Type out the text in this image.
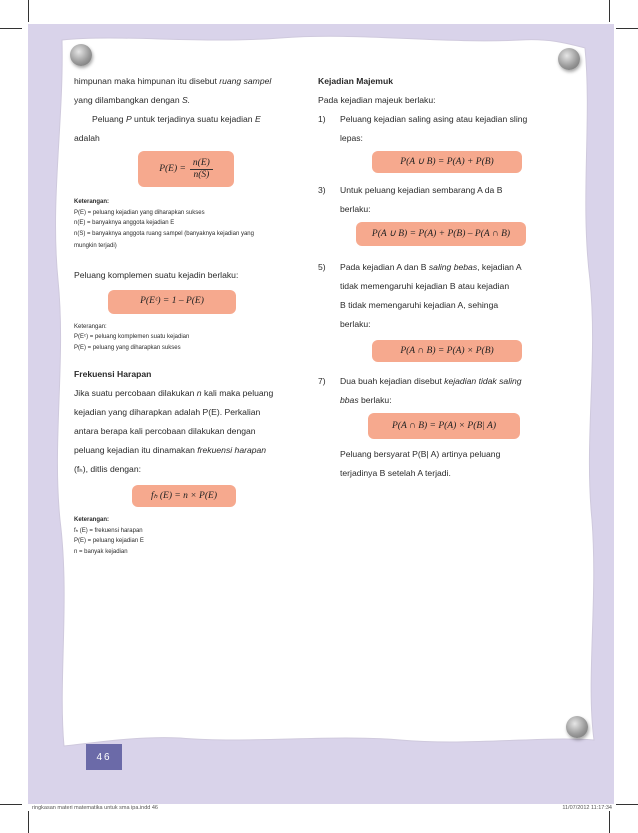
himpunan maka himpunan itu disebut ruang sampel
yang dilambangkan dengan S.

Peluang P untuk terjadinya suatu kejadian E

adalah

$P(E) = \frac{n(E)}{n(S)}$
Keterangan:
P(E) = peluang kejadian yang diharapkan sukses
n(E) = banyaknya anggota kejadian E
n(S) = banyaknya anggota ruang sampel (banyaknya kejadian yang
mungkin terjadi)

Peluang komplemen suatu kejadin berlaku:

P(Eᶜ) = 1 – P(E)
Keterangan:
P(Eᶜ) = peluang komplemen suatu kejadian
P(E) = peluang yang diharapkan sukses

Frekuensi Harapan

Jika suatu percobaan dilakukan n kali maka peluang
kejadian yang diharapkan adalah P(E). Perkalian
antara berapa kali percobaan dilakukan dengan
peluang kejadian itu dinamakan frekuensi harapan
(fₕ), ditlis dengan:

fₕ (E) = n × P(E)
Keterangan:
fₕ (E) = frekuensi harapan
P(E) = peluang kejadian E
n = banyak kejadian

Kejadian Majemuk

Pada kejadian majeuk berlaku:

1) Peluang kejadian saling asing atau kejadian sling
lepas:
P(A ∪ B) = P(A) + P(B)
3) Untuk peluang kejadian sembarang A da B
berlaku:
P(A ∪ B) = P(A) + P(B) – P(A ∩ B)
5) Pada kejadian A dan B saling bebas, kejadian A
tidak memengaruhi kejadian B atau kejadian
B tidak memengaruhi kejadian A, sehinga
berlaku:
P(A ∩ B) = P(A) × P(B)
7) Dua buah kejadian disebut kejadian tidak saling
bbas berlaku:
P(A ∩ B) = P(A) × P(B| A)
Peluang bersyarat P(B| A) artinya peluang
terjadinya B setelah A terjadi.
46
ringkasan materi matematika untuk sma ipa.indd 46	11/07/2012 11:17:34
